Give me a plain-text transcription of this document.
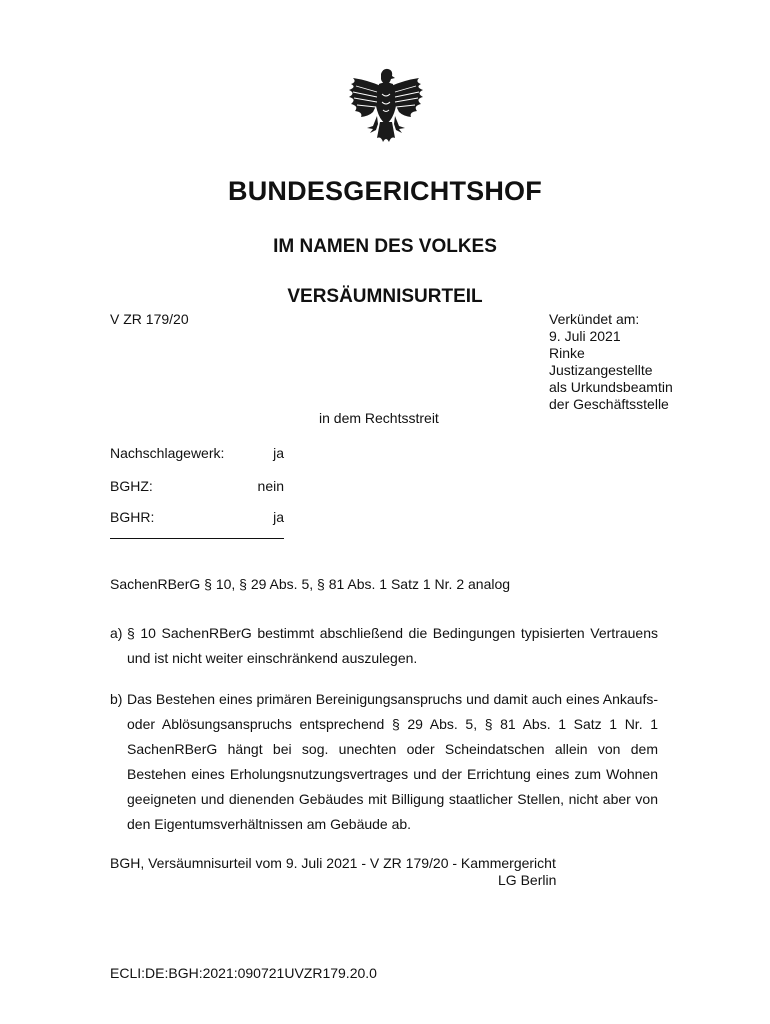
BUNDESGERICHTSHOF
IM NAMEN DES VOLKES
VERSÄUMNISURTEIL
V ZR 179/20	Verkündet am:
9. Juli 2021
Rinke
Justizangestellte
als Urkundsbeamtin
der Geschäftsstelle
in dem Rechtsstreit
Nachschlagewerk:	ja
BGHZ:	nein
BGHR:	ja
SachenRBerG § 10, § 29 Abs. 5, § 81 Abs. 1 Satz 1 Nr. 2 analog
a) § 10 SachenRBerG bestimmt abschließend die Bedingungen typisierten Vertrauens und ist nicht weiter einschränkend auszulegen.
b) Das Bestehen eines primären Bereinigungsanspruchs und damit auch eines Ankaufs- oder Ablösungsanspruchs entsprechend § 29 Abs. 5, § 81 Abs. 1 Satz 1 Nr. 1 SachenRBerG hängt bei sog. unechten oder Scheindatschen allein von dem Bestehen eines Erholungsnutzungsvertrages und der Errichtung eines zum Wohnen geeigneten und dienenden Gebäudes mit Billigung staatlicher Stellen, nicht aber von den Eigentumsverhältnissen am Gebäude ab.
BGH, Versäumnisurteil vom 9. Juli 2021 - V ZR 179/20 - Kammergericht
LG Berlin
ECLI:DE:BGH:2021:090721UVZR179.20.0
